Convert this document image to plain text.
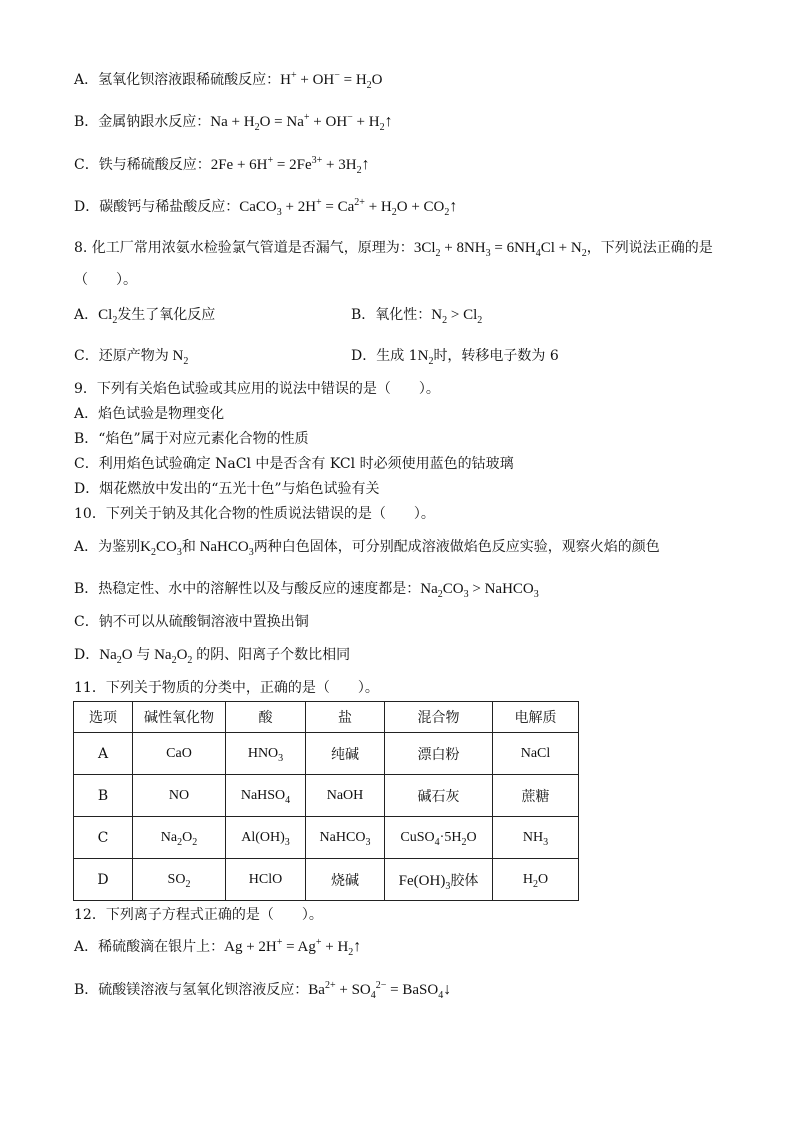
A．氢氧化钡溶液跟稀硫酸反应：$H^+ + OH^- = H_2O$
B．金属钠跟水反应：$Na + H_2O = Na^+ + OH^-$ + $H_2↑$
C．铁与稀硫酸反应：$2Fe + 6H^+ = 2Fe^{3+}$ + $3H_2↑$
D．碳酸钙与稀盐酸反应：CaCO$_3$ + $2H^+ = Ca^{2+} + H_2O$ + $CO_2↑$
8. 化工厂常用浓氨水检验氯气管道是否漏气，原理为：$3Cl_2 + 8NH_3 = 6NH_4Cl + N_2$，下列说法正确的是
（　　）。
A．$Cl_2$发生了氧化反应	B．氧化性：$N_2 > Cl_2$
C．还原产物为 $N_2$	D．生成 $1N_2$时，转移电子数为 6
9．下列有关焰色试验或其应用的说法中错误的是（　　）。
A．焰色试验是物理变化
B．“焰色”属于对应元素化合物的性质
C．利用焰色试验确定 NaCl 中是否含有 KCl 时必须使用蓝色的钴玻璃
D．烟花燃放中发出的“五光十色”与焰色试验有关
10．下列关于钠及其化合物的性质说法错误的是（　　）。
A．为鉴别$K_2CO_3$和 NaHCO$_3$两种白色固体，可分别配成溶液做焰色反应实验，观察火焰的颜色
B．热稳定性、水中的溶解性以及与酸反应的速度都是：$Na_2CO_3$ > NaHCO$_3$
C．钠不可以从硫酸铜溶液中置换出铜
D．$Na_2O$ 与 $Na_2O_2$ 的阴、阳离子个数比相同
11．下列关于物质的分类中，正确的是（　　）。
选项	碱性氧化物	酸	盐	混合物	电解质
A	CaO	$HNO_3$	纯碱	漂白粉	NaCl
B	NO	NaHSO$_4$	NaOH	碱石灰	蔗糖
C	$Na_2O_2$	$Al(OH)_3$	NaHCO$_3$	$CuSO_4\cdot 5H_2O$	$NH_3$
D	$SO_2$	HClO	烧碱	$Fe(OH)_3$胶体	$H_2O$
12．下列离子方程式正确的是（　　）。
A．稀硫酸滴在银片上：$Ag + 2H^+ = Ag^+ + H_2↑$
B．硫酸镁溶液与氢氧化钡溶液反应：$Ba^{2+} + SO_4^{2-}$ = BaSO$_4$↓
